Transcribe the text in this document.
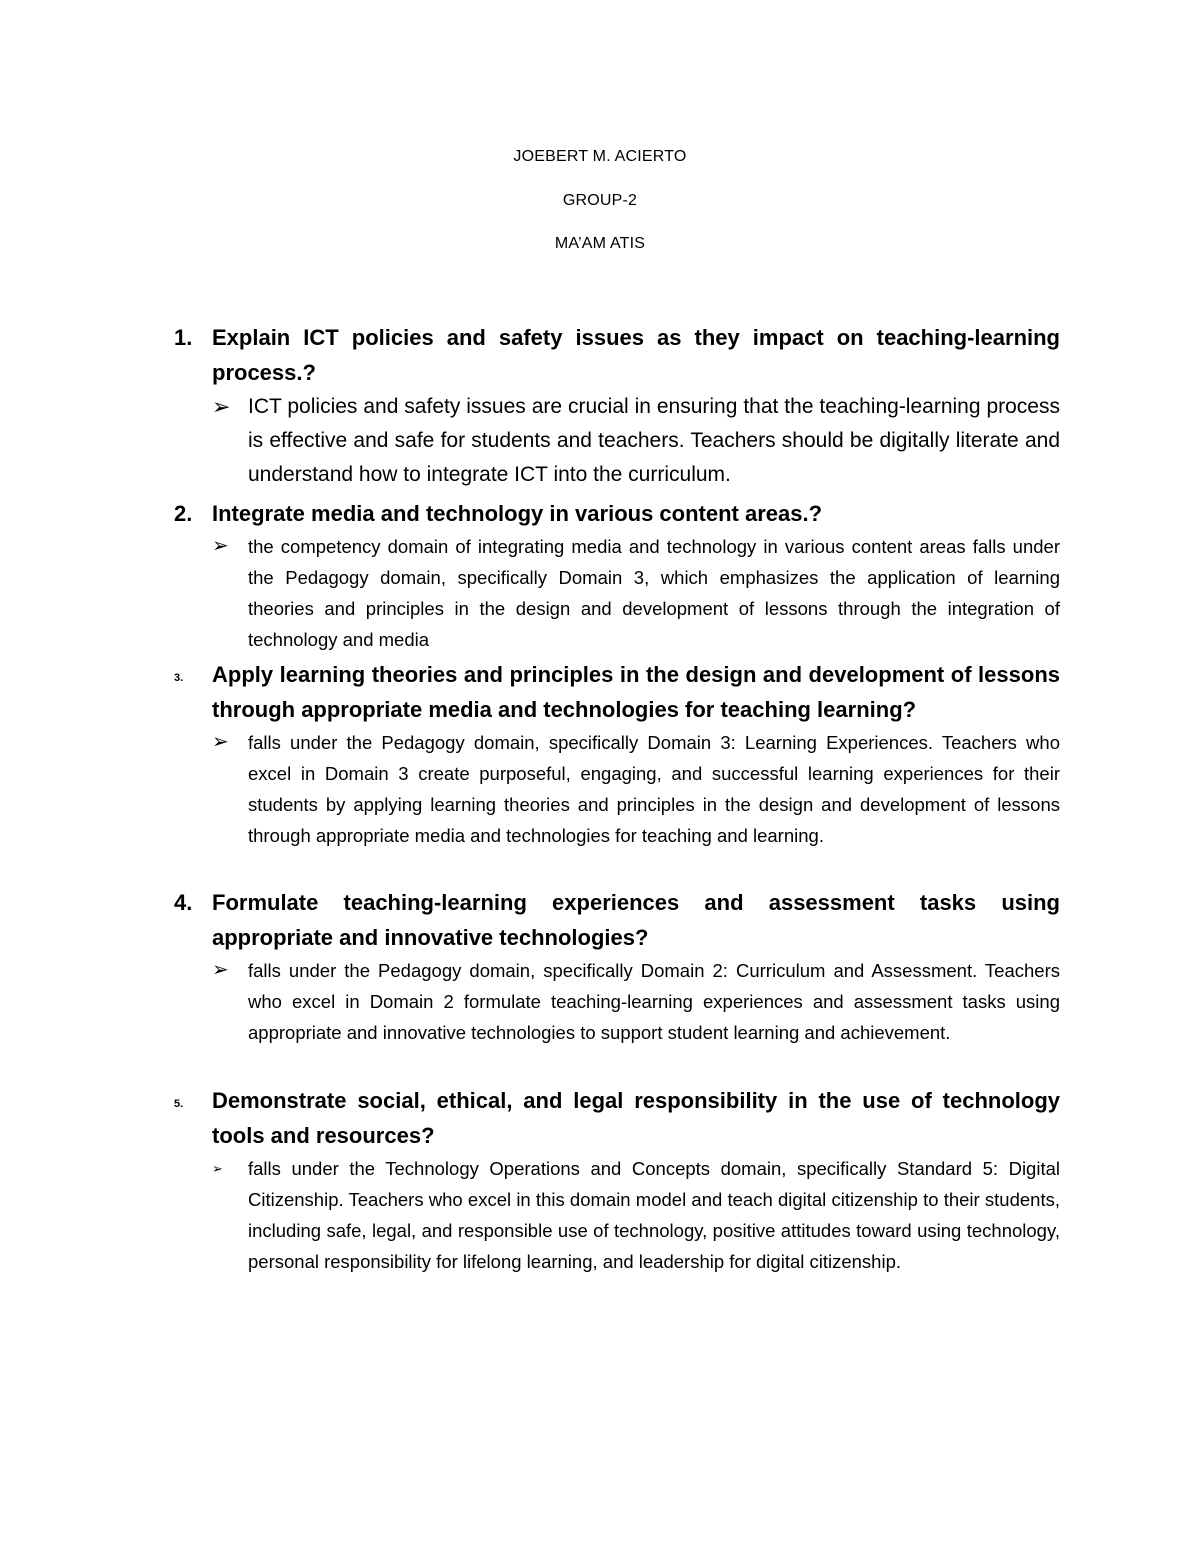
JOEBERT M. ACIERTO
GROUP-2
MA’AM ATIS
1. Explain ICT policies and safety issues as they impact on teaching-learning process.?
➢ ICT policies and safety issues are crucial in ensuring that the teaching-learning process is effective and safe for students and teachers. Teachers should be digitally literate and understand how to integrate ICT into the curriculum.
2. Integrate media and technology in various content areas.?
➢	the competency domain of integrating media and technology in various content areas falls under the Pedagogy domain, specifically Domain 3, which emphasizes the application of learning theories and principles in the design and development of lessons through the integration of technology and media
3. Apply learning theories and principles in the design and development of lessons through appropriate media and technologies for teaching learning?
➢	falls under the Pedagogy domain, specifically Domain 3: Learning Experiences. Teachers who excel in Domain 3 create purposeful, engaging, and successful learning experiences for their students by applying learning theories and principles in the design and development of lessons through appropriate media and technologies for teaching and learning.
4. Formulate teaching-learning experiences and assessment tasks using appropriate and innovative technologies?
➢	falls under the Pedagogy domain, specifically Domain 2: Curriculum and Assessment. Teachers who excel in Domain 2 formulate teaching-learning experiences and assessment tasks using appropriate and innovative technologies to support student learning and achievement.
5. Demonstrate social, ethical, and legal responsibility in the use of technology tools and resources?
➢	falls under the Technology Operations and Concepts domain, specifically Standard 5: Digital Citizenship. Teachers who excel in this domain model and teach digital citizenship to their students, including safe, legal, and responsible use of technology, positive attitudes toward using technology, personal responsibility for lifelong learning, and leadership for digital citizenship.
